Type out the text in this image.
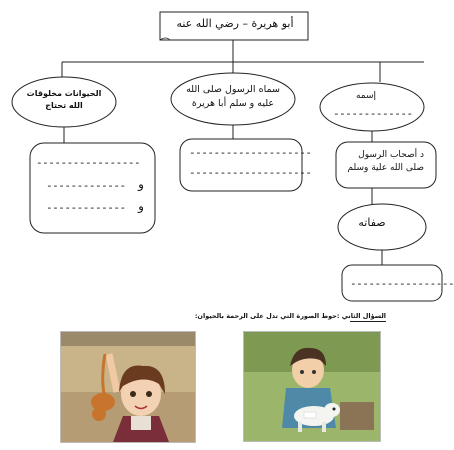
أبو هريرة – رضي الله عنه
الحيوانات مخلوقات
الله تحتاج
-----------------
------------- و
------------- و
سماه الرسول صلى الله
عليه و سلم أبا هريرة
--------------------
--------------------
إسمه
-------------
د أصحاب الرسول
صلى الله علية وسلم
صفاته
-----------------
السؤال الثاني :حوط الصورة التي تدل على الرحمة بالحيوان:
